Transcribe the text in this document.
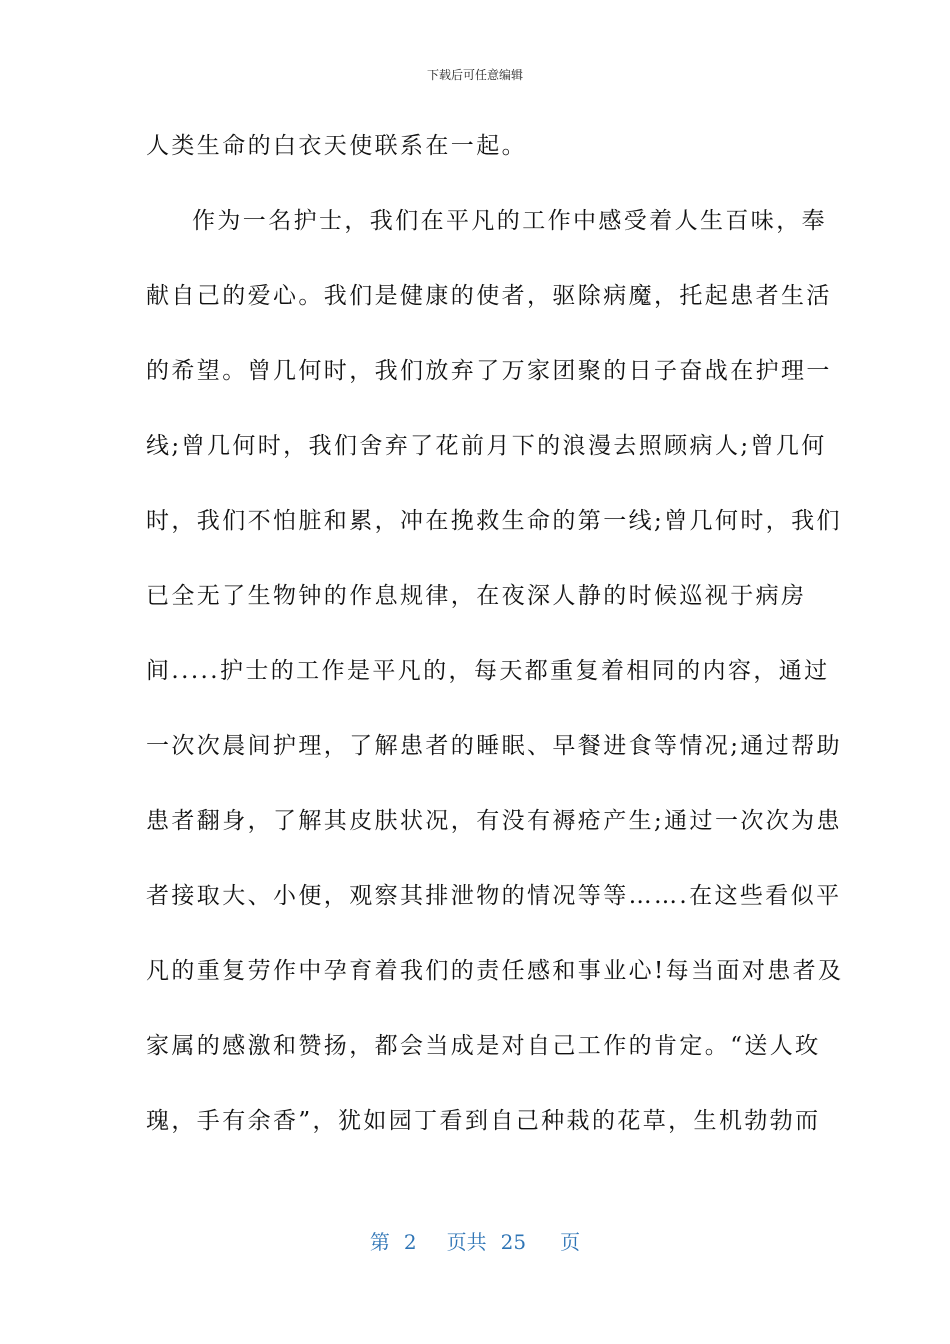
下载后可任意编辑
人类生命的白衣天使联系在一起。
作为一名护士，我们在平凡的工作中感受着人生百味，奉
献自己的爱心。我们是健康的使者，驱除病魔，托起患者生活
的希望。曾几何时，我们放弃了万家团聚的日子奋战在护理一
线;曾几何时，我们舍弃了花前月下的浪漫去照顾病人;曾几何
时，我们不怕脏和累，冲在挽救生命的第一线;曾几何时，我们
已全无了生物钟的作息规律，在夜深人静的时候巡视于病房
间.....护士的工作是平凡的，每天都重复着相同的内容，通过
一次次晨间护理，了解患者的睡眠、早餐进食等情况;通过帮助
患者翻身，了解其皮肤状况，有没有褥疮产生;通过一次次为患
者接取大、小便，观察其排泄物的情况等等…….在这些看似平
凡的重复劳作中孕育着我们的责任感和事业心!每当面对患者及
家属的感激和赞扬，都会当成是对自己工作的肯定。“送人玫
瑰，手有余香”，犹如园丁看到自己种栽的花草，生机勃勃而
第 2 页共 25 页
